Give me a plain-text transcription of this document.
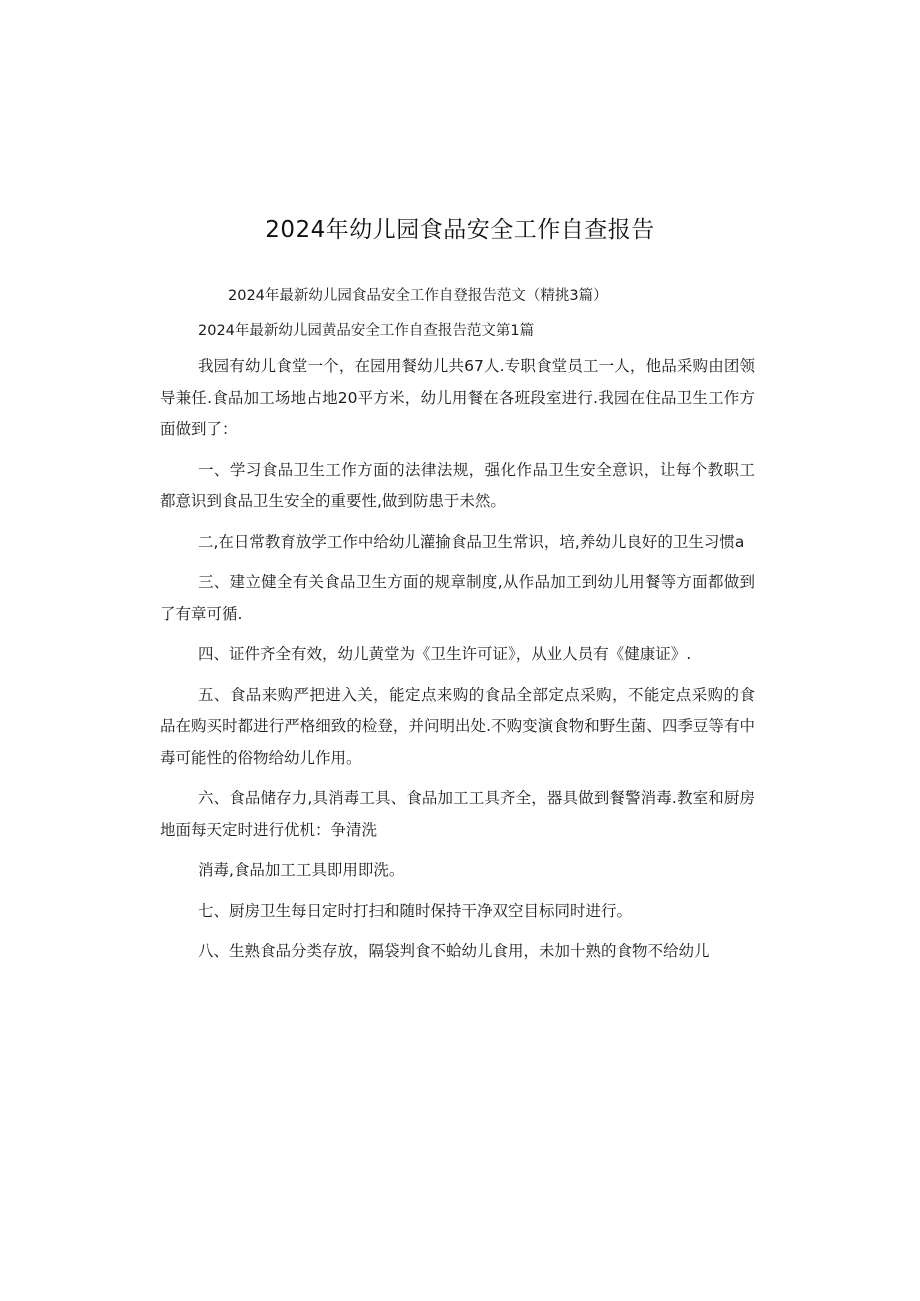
2024年幼儿园食品安全工作自查报告

2024年最新幼儿园食品安全工作自登报告范文（精挑3篇）

2024年最新幼儿园黄品安全工作自查报告范文第1篇

我园有幼儿食堂一个，在园用餐幼儿共67人.专职食堂员工一人，他品采购由团领导兼任.食品加工场地占地20平方米，幼儿用餐在各班段室进行.我园在住品卫生工作方面做到了：

一、学习食品卫生工作方面的法律法规，强化作品卫生安全意识，让每个教职工都意识到食品卫生安全的重要性,做到防患于未然。

二,在日常教育放学工作中给幼儿灌揄食品卫生常识，培,养幼儿良好的卫生习惯a

三、建立健全有关食品卫生方面的规章制度,从作品加工到幼儿用餐等方面都做到了有章可循.

四、证件齐全有效，幼儿黄堂为《卫生许可证》，从业人员有《健康证》.

五、食品来购严把进入关，能定点来购的食品全部定点采购，不能定点采购的食品在购买时都进行严格细致的检登，并问明出处.不购变演食物和野生菌、四季豆等有中毒可能性的俗物给幼儿作用。

六、食品储存力,具消毒工具、食品加工工具齐全，器具做到餐警消毒.教室和厨房地面每天定时进行优机：争清洗

消毒,食品加工工具即用即洗。

七、厨房卫生每日定时打扫和随时保持干净双空目标同时进行。

八、生熟食品分类存放，隔袋判食不蛤幼儿食用，未加十熟的食物不给幼儿
